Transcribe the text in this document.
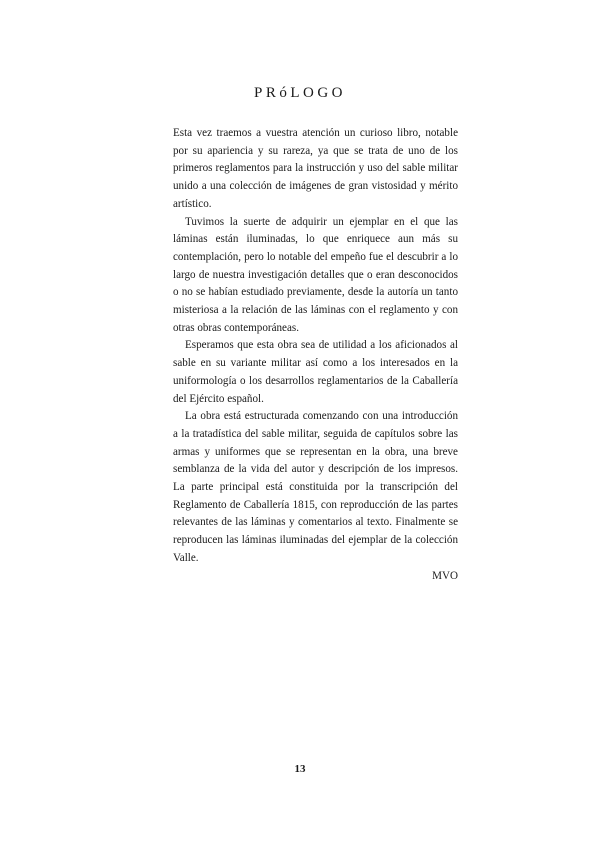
PRóLOGO

Esta vez traemos a vuestra atención un curioso libro, notable por su apariencia y su rareza, ya que se trata de uno de los primeros reglamentos para la instrucción y uso del sable militar unido a una colección de imágenes de gran vistosidad y mérito artístico.

Tuvimos la suerte de adquirir un ejemplar en el que las láminas están iluminadas, lo que enriquece aun más su contemplación, pero lo notable del empeño fue el descubrir a lo largo de nuestra investigación detalles que o eran desconocidos o no se habían estudiado previamente, desde la autoría un tanto misteriosa a la relación de las láminas con el reglamento y con otras obras contemporáneas.

Esperamos que esta obra sea de utilidad a los aficionados al sable en su variante militar así como a los interesados en la uniformología o los desarrollos reglamentarios de la Caballería del Ejército español.

La obra está estructurada comenzando con una introducción a la tratadística del sable militar, seguida de capítulos sobre las armas y uniformes que se representan en la obra, una breve semblanza de la vida del autor y descripción de los impresos. La parte principal está constituida por la transcripción del Reglamento de Caballería 1815, con reproducción de las partes relevantes de las láminas y comentarios al texto. Finalmente se reproducen las láminas iluminadas del ejemplar de la colección Valle.

MVO

13
